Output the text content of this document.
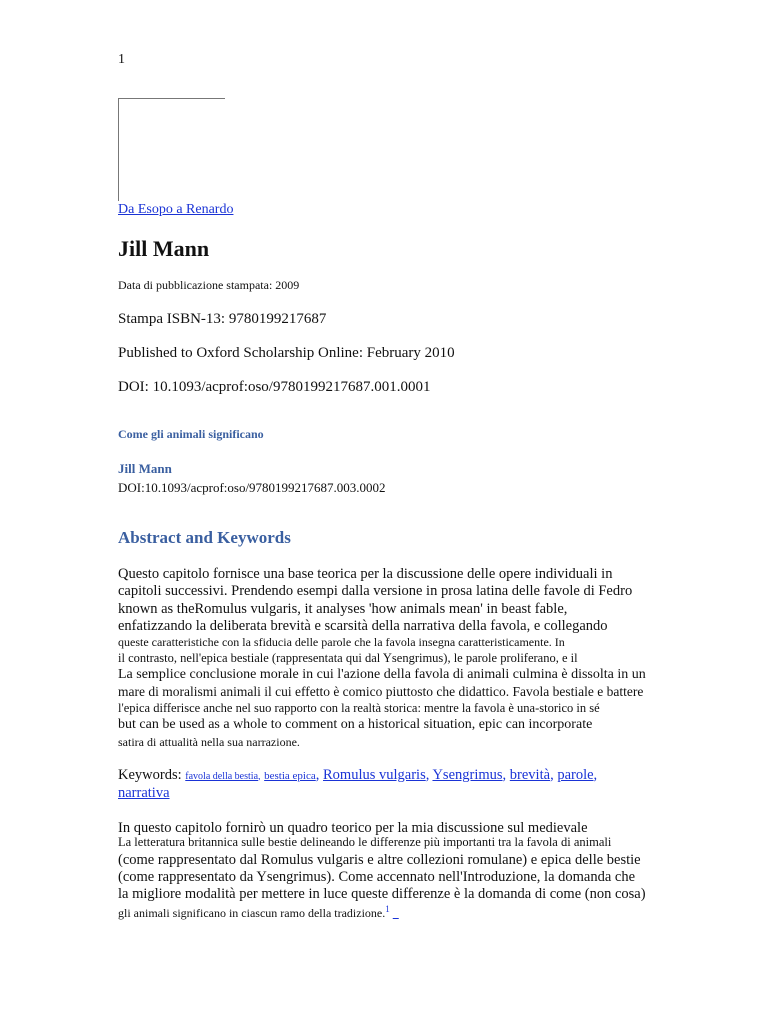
1
Da Esopo a Renardo
Jill Mann
Data di pubblicazione stampata: 2009
Stampa ISBN-13: 9780199217687
Published to Oxford Scholarship Online: February 2010
DOI: 10.1093/acprof:oso/9780199217687.001.0001
Come gli animali significano
Jill Mann
DOI:10.1093/acprof:oso/9780199217687.003.0002
Abstract and Keywords
Questo capitolo fornisce una base teorica per la discussione delle opere individuali in
capitoli successivi. Prendendo esempi dalla versione in prosa latina delle favole di Fedro
known as theRomulus vulgaris, it analyses 'how animals mean' in beast fable,
enfatizzando la deliberata brevità e scarsità della narrativa della favola, e collegando
queste caratteristiche con la sfiducia delle parole che la favola insegna caratteristicamente. In
il contrasto, nell'epica bestiale (rappresentata qui dal Ysengrimus), le parole proliferano, e il
La semplice conclusione morale in cui l'azione della favola di animali culmina è dissolta in un
mare di moralismi animali il cui effetto è comico piuttosto che didattico. Favola bestiale e battere
l'epica differisce anche nel suo rapporto con la realtà storica: mentre la favola è una-storico in sé
but can be used as a whole to comment on a historical situation, epic can incorporate
satira di attualità nella sua narrazione.
Keywords: favola della bestia, bestia epica, Romulus vulgaris, Ysengrimus, brevità, parole,
narrativa
In questo capitolo fornirò un quadro teorico per la mia discussione sul medievale
La letteratura britannica sulle bestie delineando le differenze più importanti tra la favola di animali
(come rappresentato dal Romulus vulgaris e altre collezioni romulane) e epica delle bestie
(come rappresentato da Ysengrimus). Come accennato nell'Introduzione, la domanda che
la migliore modalità per mettere in luce queste differenze è la domanda di come (non cosa)
gli animali significano in ciascun ramo della tradizione.$^1$
